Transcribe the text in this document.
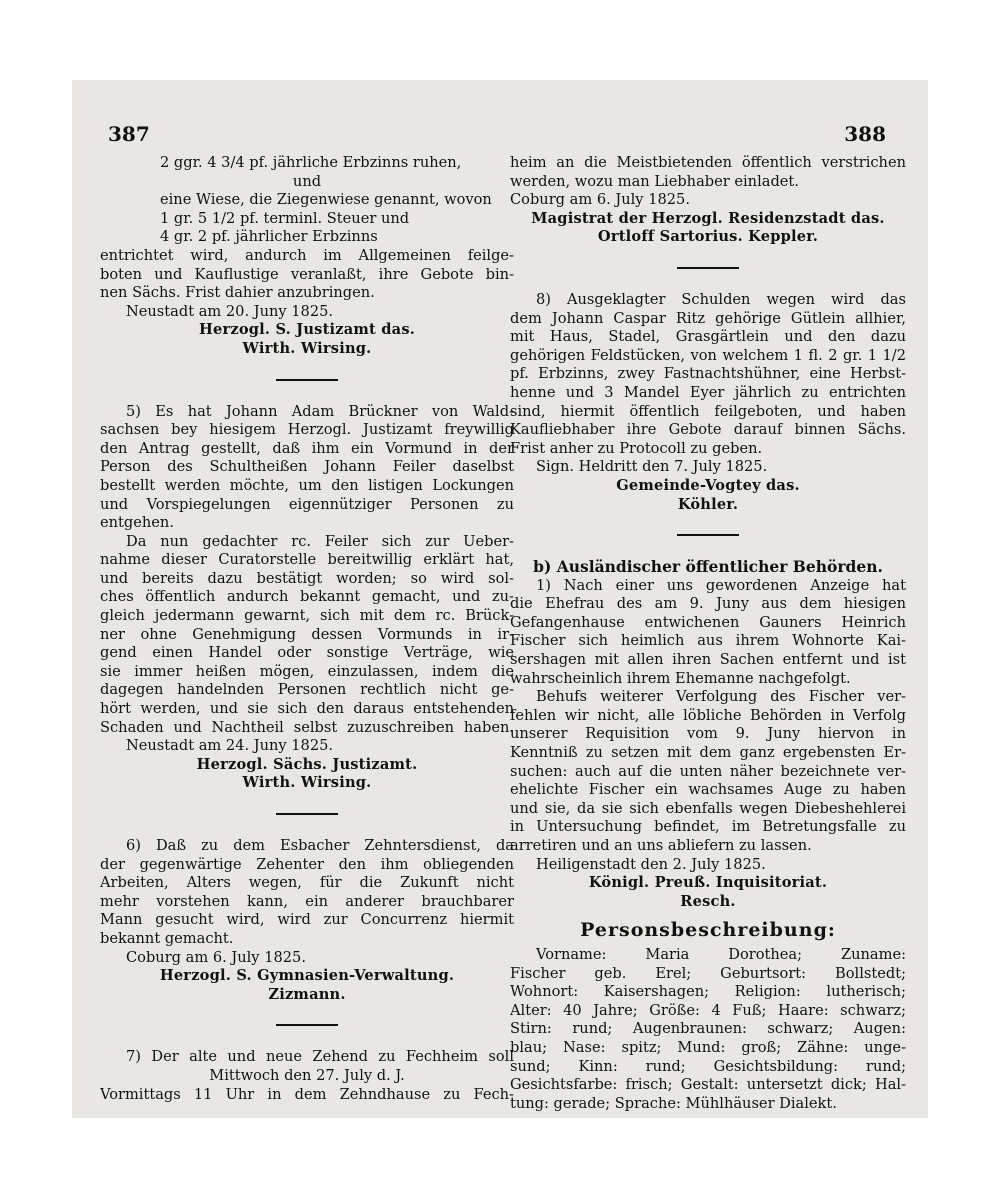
387	388
2 ggr. 4 3/4 pf. jährliche Erbzinns ruhen,
und
eine Wiese, die Ziegenwiese genannt, wovon
1 gr. 5 1/2 pf. terminl. Steuer und
4 gr. 2 pf. jährlicher Erbzinns
entrichtet wird, andurch im Allgemeinen feilge-
boten und Kauflustige veranlaßt, ihre Gebote bin-
nen Sächs. Frist dahier anzubringen.
Neustadt am 20. Juny 1825.
Herzogl. S. Justizamt das.
Wirth. Wirsing.
5) Es hat Johann Adam Brückner von Wald-
sachsen bey hiesigem Herzogl. Justizamt freywillig
den Antrag gestellt, daß ihm ein Vormund in der
Person des Schultheißen Johann Feiler daselbst
bestellt werden möchte, um den listigen Lockungen
und Vorspiegelungen eigennütziger Personen zu
entgehen.
Da nun gedachter rc. Feiler sich zur Ueber-
nahme dieser Curatorstelle bereitwillig erklärt hat,
und bereits dazu bestätigt worden; so wird sol-
ches öffentlich andurch bekannt gemacht, und zu-
gleich jedermann gewarnt, sich mit dem rc. Brück-
ner ohne Genehmigung dessen Vormunds in ir-
gend einen Handel oder sonstige Verträge, wie
sie immer heißen mögen, einzulassen, indem die
dagegen handelnden Personen rechtlich nicht ge-
hört werden, und sie sich den daraus entstehenden
Schaden und Nachtheil selbst zuzuschreiben haben.
Neustadt am 24. Juny 1825.
Herzogl. Sächs. Justizamt.
Wirth. Wirsing.
6) Daß zu dem Esbacher Zehntersdienst, da
der gegenwärtige Zehenter den ihm obliegenden
Arbeiten, Alters wegen, für die Zukunft nicht
mehr vorstehen kann, ein anderer brauchbarer
Mann gesucht wird, wird zur Concurrenz hiermit
bekannt gemacht.
Coburg am 6. July 1825.
Herzogl. S. Gymnasien-Verwaltung.
Zizmann.
7) Der alte und neue Zehend zu Fechheim soll
Mittwoch den 27. July d. J.
Vormittags 11 Uhr in dem Zehndhause zu Fech-
heim an die Meistbietenden öffentlich verstrichen
werden, wozu man Liebhaber einladet.
Coburg am 6. July 1825.
Magistrat der Herzogl. Residenzstadt das.
Ortloff Sartorius. Keppler.
8) Ausgeklagter Schulden wegen wird das
dem Johann Caspar Ritz gehörige Gütlein allhier,
mit Haus, Stadel, Grasgärtlein und den dazu
gehörigen Feldstücken, von welchem 1 fl. 2 gr. 1 1/2
pf. Erbzinns, zwey Fastnachtshühner, eine Herbst-
henne und 3 Mandel Eyer jährlich zu entrichten
sind, hiermit öffentlich feilgeboten, und haben
Kaufliebhaber ihre Gebote darauf binnen Sächs.
Frist anher zu Protocoll zu geben.
Sign. Heldritt den 7. July 1825.
Gemeinde-Vogtey das.
Köhler.
b) Ausländischer öffentlicher Behörden.
1) Nach einer uns gewordenen Anzeige hat
die Ehefrau des am 9. Juny aus dem hiesigen
Gefangenhause entwichenen Gauners Heinrich
Fischer sich heimlich aus ihrem Wohnorte Kai-
sershagen mit allen ihren Sachen entfernt und ist
wahrscheinlich ihrem Ehemanne nachgefolgt.
Behufs weiterer Verfolgung des Fischer ver-
fehlen wir nicht, alle löbliche Behörden in Verfolg
unserer Requisition vom 9. Juny hiervon in
Kenntniß zu setzen mit dem ganz ergebensten Er-
suchen: auch auf die unten näher bezeichnete ver-
ehelichte Fischer ein wachsames Auge zu haben
und sie, da sie sich ebenfalls wegen Diebeshehlerei
in Untersuchung befindet, im Betretungsfalle zu
arretiren und an uns abliefern zu lassen.
Heiligenstadt den 2. July 1825.
Königl. Preuß. Inquisitoriat.
Resch.
Personsbeschreibung:
Vorname: Maria Dorothea; Zuname:
Fischer geb. Erel; Geburtsort: Bollstedt;
Wohnort: Kaisershagen; Religion: lutherisch;
Alter: 40 Jahre; Größe: 4 Fuß; Haare: schwarz;
Stirn: rund; Augenbraunen: schwarz; Augen:
blau; Nase: spitz; Mund: groß; Zähne: unge-
sund; Kinn: rund; Gesichtsbildung: rund;
Gesichtsfarbe: frisch; Gestalt: untersetzt dick; Hal-
tung: gerade; Sprache: Mühlhäuser Dialekt.
